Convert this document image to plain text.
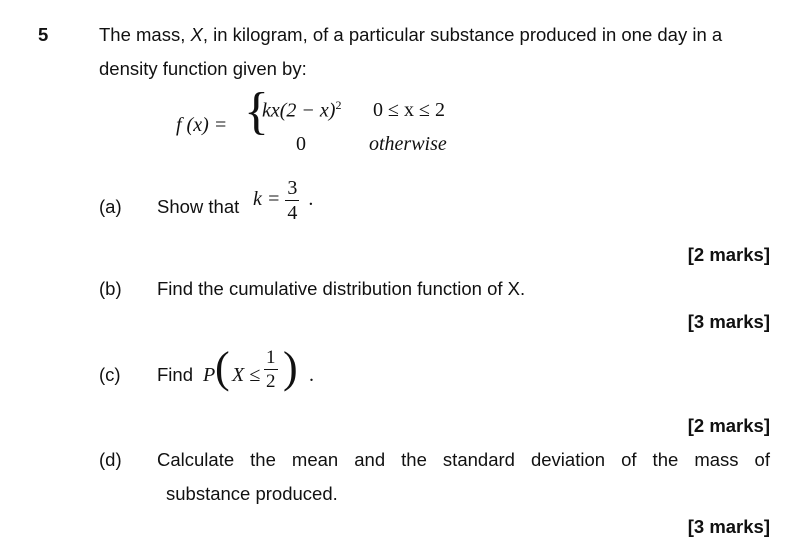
5	The mass, X, in kilogram, of a particular substance produced in one day in a
density function given by:
f (x) = {
$kx(2 - x)^2$ 0 ≤ x ≤ 2
0	otherwise
(a) Show that $k = \frac{3}{4}$ .
[2 marks]
(b) Find the cumulative distribution function of X.
[3 marks]
(c) Find P ( $X \le \frac{1}{2}$ ) .
[2 marks]
(d) Calculate the mean and the standard deviation of the mass of
substance produced.
[3 marks]
